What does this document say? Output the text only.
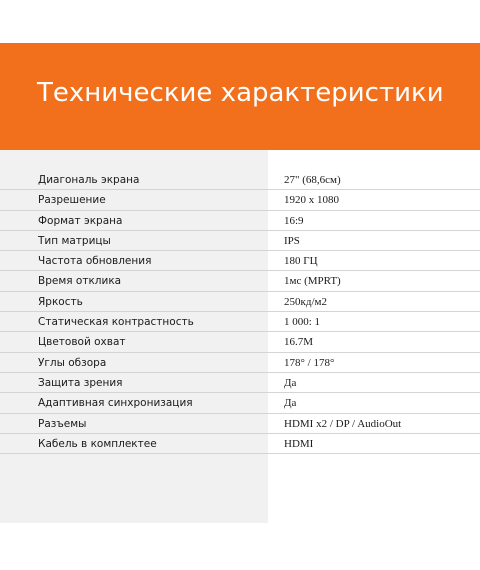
Технические характеристики
Диагональ экрана	27" (68,6см)
Разрешение	1920 x 1080
Формат экрана	16:9
Тип матрицы	IPS
Частота обновления	180 ГЦ
Время отклика	1мс (MPRT)
Яркость	250кд/м2
Статическая контрастность	1 000: 1
Цветовой охват	16.7M
Углы обзора	178° / 178°
Защита зрения	Да
Адаптивная синхронизация	Да
Разъемы	HDMI x2 / DP / AudioOut
Кабель в комплектее	HDMI
